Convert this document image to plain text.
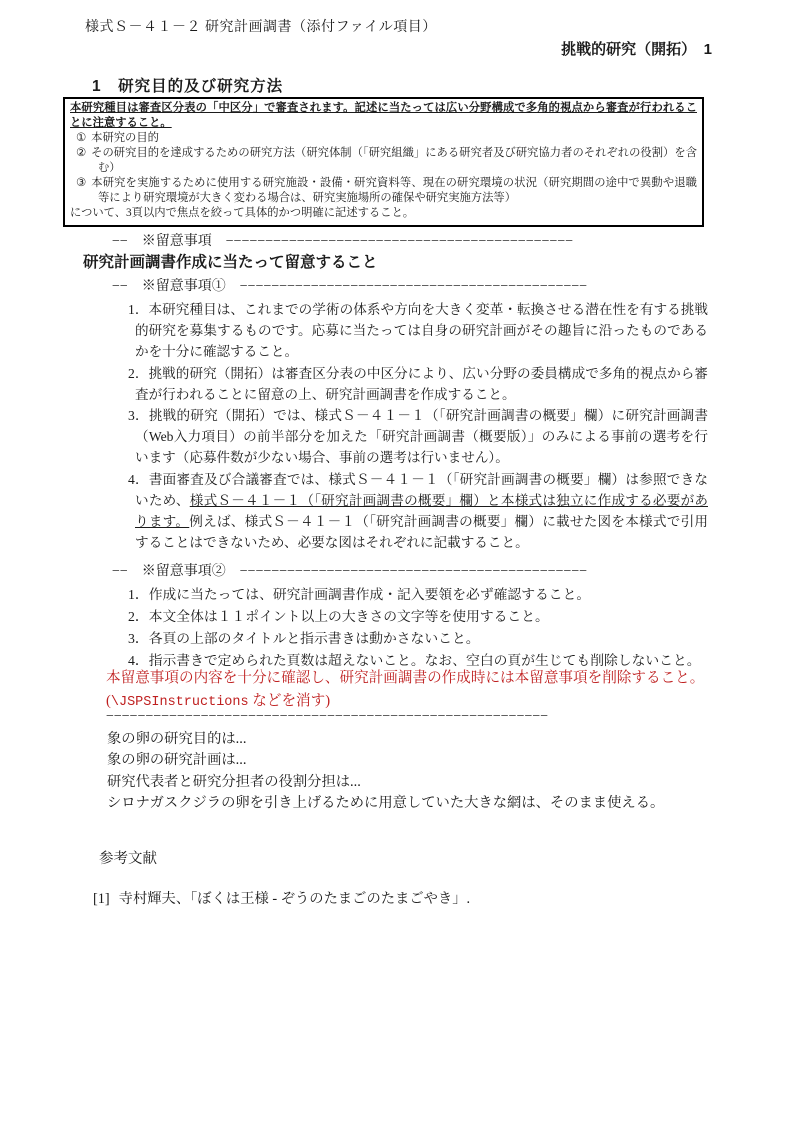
様式Ｓ－４１－２ 研究計画調書（添付ファイル項目）
挑戦的研究（開拓）　1
1　研究目的及び研究方法

本研究種目は審査区分表の「中区分」で審査されます。記述に当たっては広い分野構成で多角的視点から審査が行われることに注意すること。

① 本研究の目的

② その研究目的を達成するための研究方法（研究体制（「研究組織」にある研究者及び研究協力者のそれぞれの役割）を含む）

③ 本研究を実施するために使用する研究施設・設備・研究資料等、現在の研究環境の状況（研究期間の途中で異動や退職等により研究環境が大きく変わる場合は、研究実施場所の確保や研究実施方法等）

について、3頁以内で焦点を絞って具体的かつ明確に記述すること。

−−　※留意事項　−−−−−−−−−−−−−−−−−−−−−−−−−−−−−−−−−−−−−−−−−−−−
研究計画調書作成に当たって留意すること
−−　※留意事項①　−−−−−−−−−−−−−−−−−−−−−−−−−−−−−−−−−−−−−−−−−−−−

1．本研究種目は、これまでの学術の体系や方向を大きく変革・転換させる潜在性を有する挑戦的研究を募集するものです。応募に当たっては自身の研究計画がその趣旨に沿ったものであるかを十分に確認すること。

2．挑戦的研究（開拓）は審査区分表の中区分により、広い分野の委員構成で多角的視点から審査が行われることに留意の上、研究計画調書を作成すること。

3．挑戦的研究（開拓）では、様式Ｓ－４１－１（「研究計画調書の概要」欄）に研究計画調書（Web入力項目）の前半部分を加えた「研究計画調書（概要版）」のみによる事前の選考を行います（応募件数が少ない場合、事前の選考は行いません）。

4．書面審査及び合議審査では、様式Ｓ－４１－１（「研究計画調書の概要」欄）は参照できないため、様式Ｓ－４１－１（「研究計画調書の概要」欄）と本様式は独立に作成する必要があります。例えば、様式Ｓ－４１－１（「研究計画調書の概要」欄）に載せた図を本様式で引用することはできないため、必要な図はそれぞれに記載すること。

−−　※留意事項②　−−−−−−−−−−−−−−−−−−−−−−−−−−−−−−−−−−−−−−−−−−−−
1．作成に当たっては、研究計画調書作成・記入要領を必ず確認すること。
2．本文全体は１１ポイント以上の大きさの文字等を使用すること。
3．各頁の上部のタイトルと指示書きは動かさないこと。
4．指示書きで定められた頁数は超えないこと。なお、空白の頁が生じても削除しないこと。
本留意事項の内容を十分に確認し、研究計画調書の作成時には本留意事項を削除すること。
(\JSPSInstructions などを消す)
−−−−−−−−−−−−−−−−−−−−−−−−−−−−−−−−−−−−−−−−−−−−−−−−−−−−−−−−
象の卵の研究目的は...
象の卵の研究計画は...
研究代表者と研究分担者の役割分担は...
シロナガスクジラの卵を引き上げるために用意していた大きな網は、そのまま使える。
参考文献
[1] 寺村輝夫、「ぼくは王様 - ぞうのたまごのたまごやき」.
